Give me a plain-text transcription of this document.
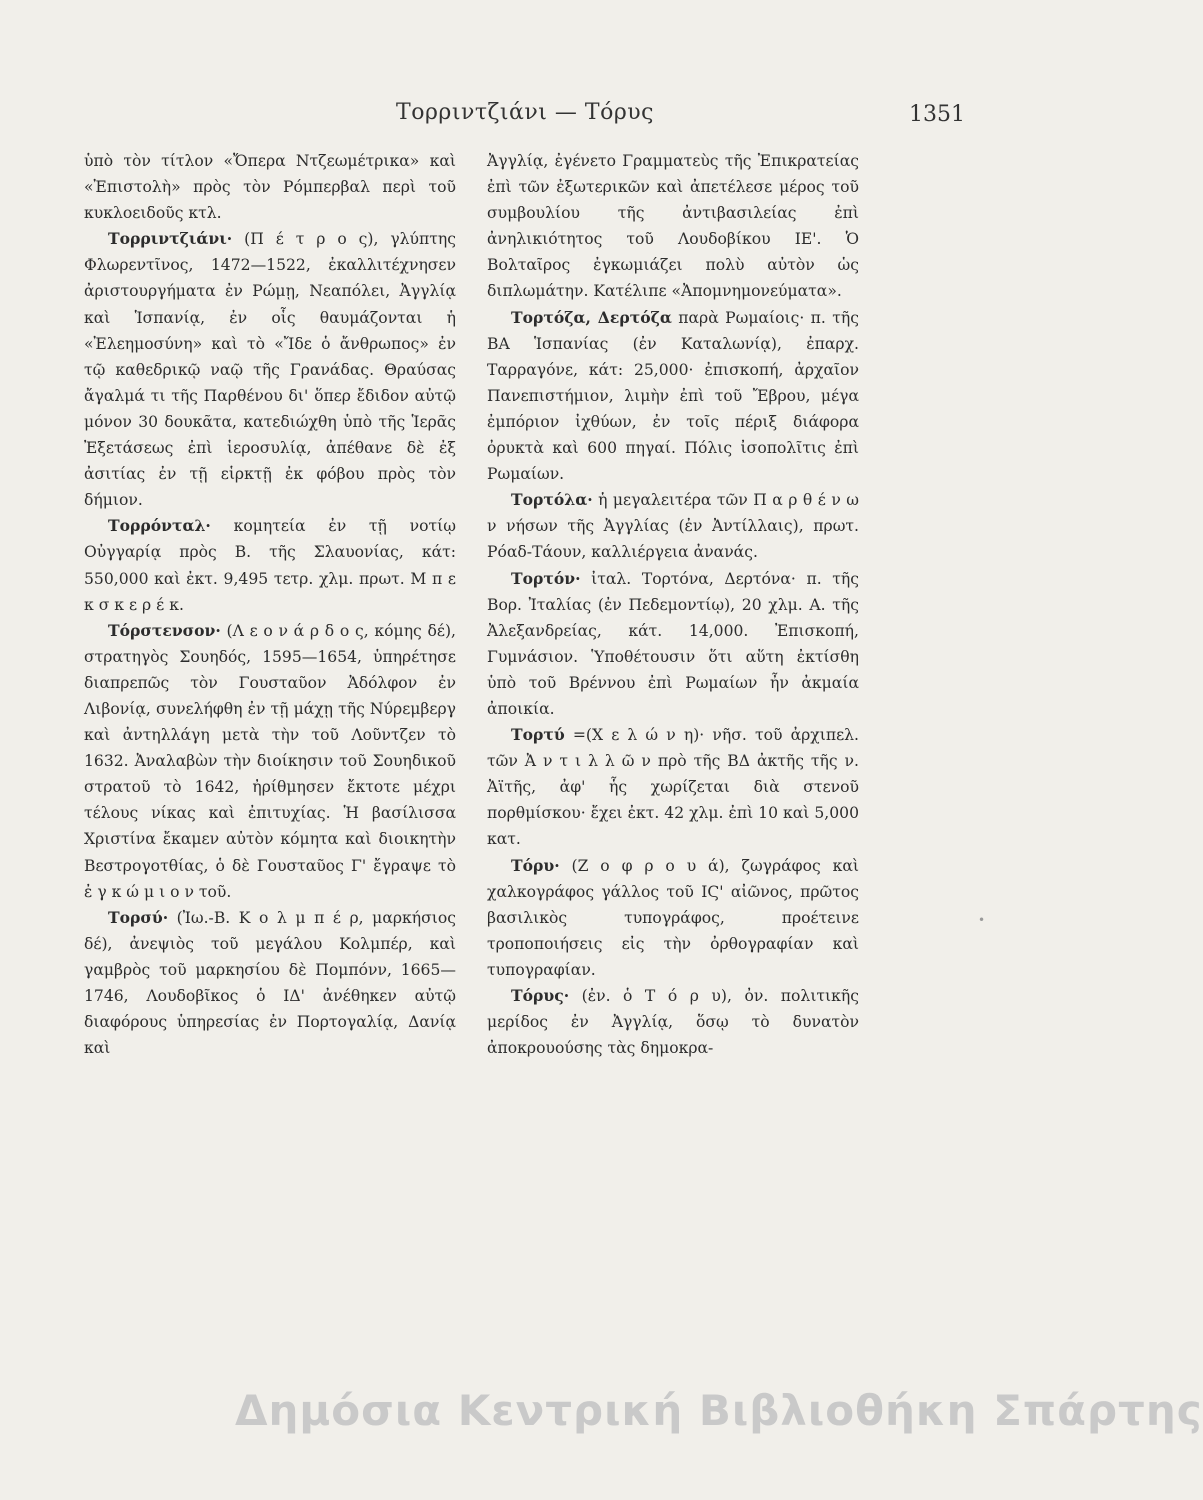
Τορριντζιάνι — Τόρυς	1351

ὑπὸ τὸν τίτλον «Ὄπερα Ντζεωμέτρικα» καὶ «Ἐπιστολὴ» πρὸς τὸν Ρόμπερβαλ περὶ τοῦ κυκλοειδοῦς κτλ.

Τορριντζιάνι· (Π έ τ ρ ο ς), γλύπτης Φλωρεντῖνος, 1472—1522, ἐκαλλιτέχνησεν ἀριστουργήματα ἐν Ρώμῃ, Νεαπόλει, Ἀγγλίᾳ καὶ Ἱσπανίᾳ, ἐν οἷς θαυμάζονται ἡ «Ἐλεημοσύνη» καὶ τὸ «Ἴδε ὁ ἄνθρωπος» ἐν τῷ καθεδρικῷ ναῷ τῆς Γρανάδας. Θραύσας ἄγαλμά τι τῆς Παρθένου δι' ὅπερ ἔδιδον αὐτῷ μόνον 30 δουκᾶτα, κατεδιώχθη ὑπὸ τῆς Ἱερᾶς Ἐξετάσεως ἐπὶ ἱεροσυλίᾳ, ἀπέθανε δὲ ἐξ ἀσιτίας ἐν τῇ εἱρκτῇ ἐκ φόβου πρὸς τὸν δήμιον.

Τορρόνταλ· κομητεία ἐν τῇ νοτίῳ Οὐγγαρίᾳ πρὸς Β. τῆς Σλαυονίας, κάτ: 550,000 καὶ ἐκτ. 9,495 τετρ. χλμ. πρωτ. Μ π ε κ σ κ ε ρ έ κ.

Τόρστενσον· (Λ ε ο ν ά ρ δ ο ς, κόμης δέ), στρατηγὸς Σουηδός, 1595—1654, ὑπηρέτησε διαπρεπῶς τὸν Γουσταῦον Ἀδόλφον ἐν Λιβονίᾳ, συνελήφθη ἐν τῇ μάχῃ τῆς Νύρεμβεργ καὶ ἀντηλλάγη μετὰ τὴν τοῦ Λοῦντζεν τὸ 1632. Ἀναλαβὼν τὴν διοίκησιν τοῦ Σουηδικοῦ στρατοῦ τὸ 1642, ἠρίθμησεν ἔκτοτε μέχρι τέλους νίκας καὶ ἐπιτυχίας. Ἡ βασίλισσα Χριστίνα ἔκαμεν αὐτὸν κόμητα καὶ διοικητὴν Βεστρογοτθίας, ὁ δὲ Γουσταῦος Γ' ἔγραψε τὸ ἐ γ κ ώ μ ι ο ν τοῦ.

Τορσύ· (Ἰω.-Β. Κ ο λ μ π έ ρ, μαρκήσιος δέ), ἀνεψιὸς τοῦ μεγάλου Κολμπέρ, καὶ γαμβρὸς τοῦ μαρκησίου δὲ Πομπόνν, 1665—1746, Λουδοβῖκος ὁ ΙΔ' ἀνέθηκεν αὐτῷ διαφόρους ὑπηρεσίας ἐν Πορτογαλίᾳ, Δανίᾳ καὶ

Ἀγγλίᾳ, ἐγένετο Γραμματεὺς τῆς Ἐπικρατείας ἐπὶ τῶν ἐξωτερικῶν καὶ ἀπετέλεσε μέρος τοῦ συμβουλίου τῆς ἀντιβασιλείας ἐπὶ ἀνηλικιότητος τοῦ Λουδοβίκου ΙΕ'. Ὁ Βολταῖρος ἐγκωμιάζει πολὺ αὐτὸν ὡς διπλωμάτην. Κατέλιπε «Ἀπομνημονεύματα».

Τορτόζα, Δερτόζα παρὰ Ρωμαίοις· π. τῆς ΒΑ Ἱσπανίας (ἐν Καταλωνίᾳ), ἐπαρχ. Ταρραγόνε, κάτ: 25,000· ἐπισκοπή, ἀρχαῖον Πανεπιστήμιον, λιμὴν ἐπὶ τοῦ Ἔβρου, μέγα ἐμπόριον ἰχθύων, ἐν τοῖς πέριξ διάφορα ὀρυκτὰ καὶ 600 πηγαί. Πόλις ἰσοπολῖτις ἐπὶ Ρωμαίων.

Τορτόλα· ἡ μεγαλειτέρα τῶν Π α ρ θ έ ν ω ν νήσων τῆς Ἀγγλίας (ἐν Ἀντίλλαις), πρωτ. Ρόαδ-Τάουν, καλλιέργεια ἀνανάς.

Τορτόν· ἰταλ. Τορτόνα, Δερτόνα· π. τῆς Βορ. Ἰταλίας (ἐν Πεδεμοντίῳ), 20 χλμ. Α. τῆς Ἀλεξανδρείας, κάτ. 14,000. Ἐπισκοπή, Γυμνάσιον. Ὑποθέτουσιν ὅτι αὕτη ἐκτίσθη ὑπὸ τοῦ Βρέννου ἐπὶ Ρωμαίων ἦν ἀκμαία ἀποικία.

Τορτύ =(Χ ε λ ώ ν η)· νῆσ. τοῦ ἀρχιπελ. τῶν Ἀ ν τ ι λ λ ῶ ν πρὸ τῆς ΒΔ ἀκτῆς τῆς ν. Ἀϊτῆς, ἀφ' ἧς χωρίζεται διὰ στενοῦ πορθμίσκου· ἔχει ἐκτ. 42 χλμ. ἐπὶ 10 καὶ 5,000 κατ.

Τόρυ· (Ζ ο φ ρ ο υ ά), ζωγράφος καὶ χαλκογράφος γάλλος τοῦ ΙϚ' αἰῶνος, πρῶτος βασιλικὸς τυπογράφος, προέτεινε τροποποιήσεις εἰς τὴν ὀρθογραφίαν καὶ τυπογραφίαν.

Τόρυς· (ἐν. ὁ Τ ό ρ υ), ὀν. πολιτικῆς μερίδος ἐν Ἀγγλίᾳ, ὅσῳ τὸ δυνατὸν ἀποκρουούσης τὰς δημοκρα-

•
Δημόσια Κεντρική Βιβλιοθήκη Σπάρτης
